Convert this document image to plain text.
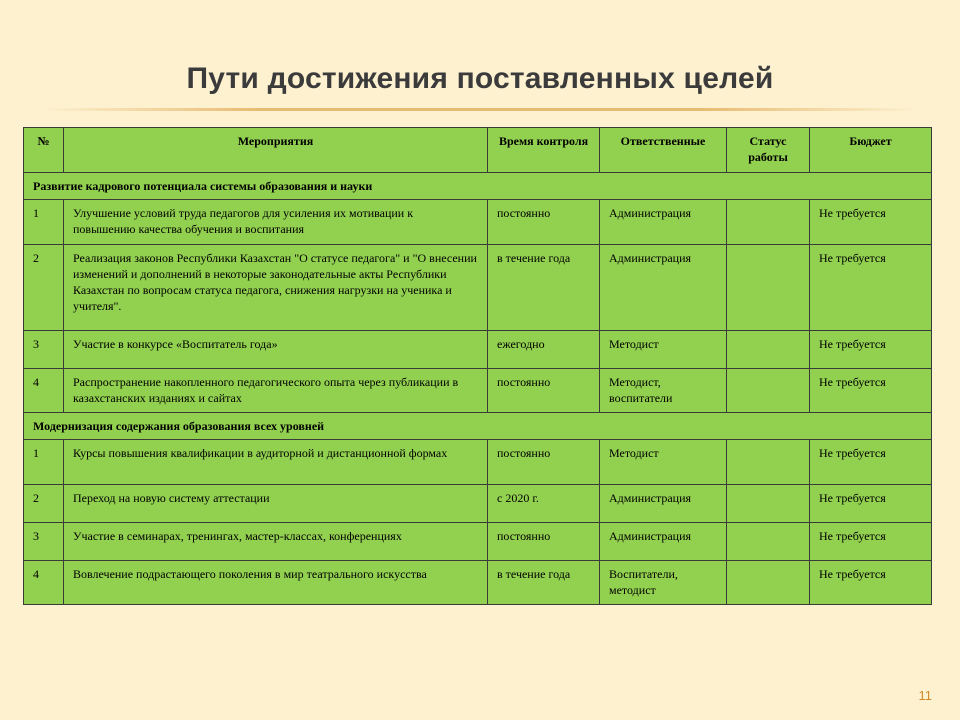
Пути достижения поставленных целей
№	Мероприятия	Время контроля	Ответственные	Статус работы	Бюджет
Развитие кадрового потенциала системы образования и науки					
1	Улучшение условий труда педагогов для усиления их мотивации к повышению качества обучения и воспитания	постоянно	Администрация		Не требуется
2	Реализация законов Республики Казахстан "О статусе педагога" и "О внесении изменений и дополнений в некоторые законодательные акты Республики Казахстан по вопросам статуса педагога, снижения нагрузки на ученика и учителя".	в течение года	Администрация		Не требуется
3	Участие в конкурсе «Воспитатель года»	ежегодно	Методист		Не требуется
4	Распространение накопленного педагогического опыта через публикации в казахстанских изданиях и сайтах	постоянно	Методист, воспитатели		Не требуется
Модернизация содержания образования всех уровней					
1	Курсы повышения квалификации в аудиторной и дистанционной формах	постоянно	Методист		Не требуется
2	Переход на новую систему аттестации	с 2020 г.	Администрация		Не требуется
3	Участие в семинарах, тренингах, мастер-классах, конференциях	постоянно	Администрация		Не требуется
4	Вовлечение подрастающего поколения в мир театрального искусства	в течение года	Воспитатели, методист		Не требуется
11
